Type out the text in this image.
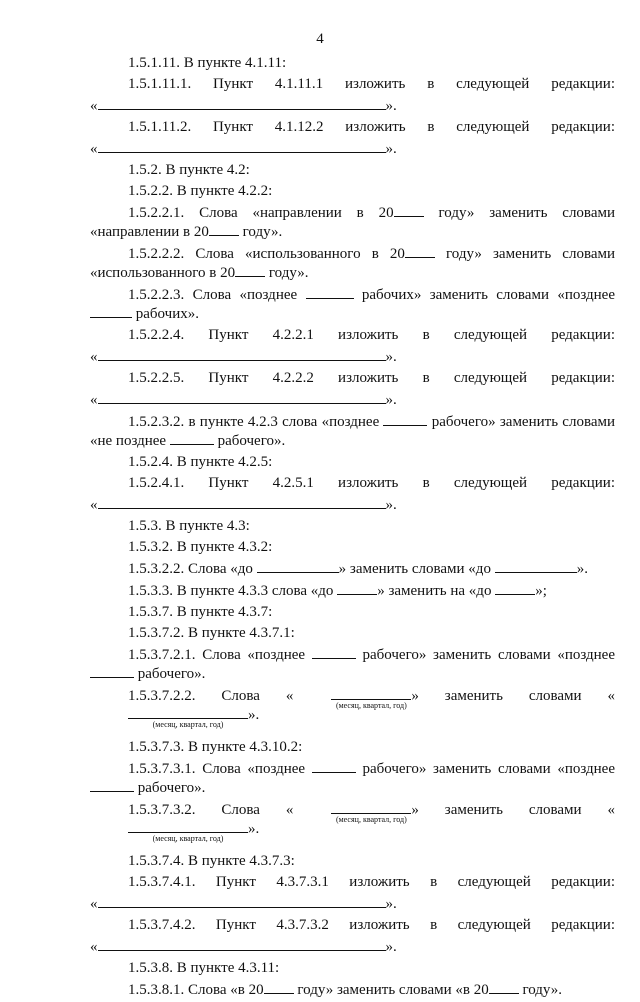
4
1.5.1.11. В пункте 4.1.11:
1.5.1.11.1. Пункт 4.1.11.1 изложить в следующей редакции:
«	».
1.5.1.11.2. Пункт 4.1.12.2 изложить в следующей редакции:
«	».
1.5.2. В пункте 4.2:
1.5.2.2. В пункте 4.2.2:
1.5.2.2.1. Слова «направлении в 20	году» заменить словами «направлении в 20 году».
1.5.2.2.2. Слова «использованного в 20	году» заменить словами «использованного в 20 году».
1.5.2.2.3. Слова «позднее	рабочих» заменить словами «позднее  рабочих».
1.5.2.2.4. Пункт 4.2.2.1 изложить в следующей редакции:
«	».
1.5.2.2.5. Пункт 4.2.2.2 изложить в следующей редакции:
«	».
1.5.2.3.2. в пункте 4.2.3 слова «позднее	рабочего» заменить словами «не позднее	рабочего».
1.5.2.4. В пункте 4.2.5:
1.5.2.4.1. Пункт 4.2.5.1 изложить в следующей редакции:
«	».
1.5.3. В пункте 4.3:
1.5.3.2. В пункте 4.3.2:
1.5.3.2.2. Слова «до	» заменить словами «до	».
1.5.3.3. В пункте 4.3.3 слова «до	» заменить на «до	»;
1.5.3.7. В пункте 4.3.7:
1.5.3.7.2. В пункте 4.3.7.1:
1.5.3.7.2.1. Слова «позднее	рабочего» заменить словами «позднее  рабочего».
1.5.3.7.2.2. Слова «
(месяц, квартал, год)
» заменить словами «
(месяц, квартал, год)
».
1.5.3.7.3. В пункте 4.3.10.2:
1.5.3.7.3.1. Слова «позднее	рабочего» заменить словами «позднее  рабочего».
1.5.3.7.3.2. Слова «
(месяц, квартал, год)
» заменить словами «
(месяц, квартал, год)
».
1.5.3.7.4. В пункте 4.3.7.3:
1.5.3.7.4.1. Пункт 4.3.7.3.1 изложить в следующей редакции:
«	».
1.5.3.7.4.2. Пункт 4.3.7.3.2 изложить в следующей редакции:
«	».
1.5.3.8. В пункте 4.3.11:
1.5.3.8.1. Слова «в 20 году» заменить словами «в 20 году».
